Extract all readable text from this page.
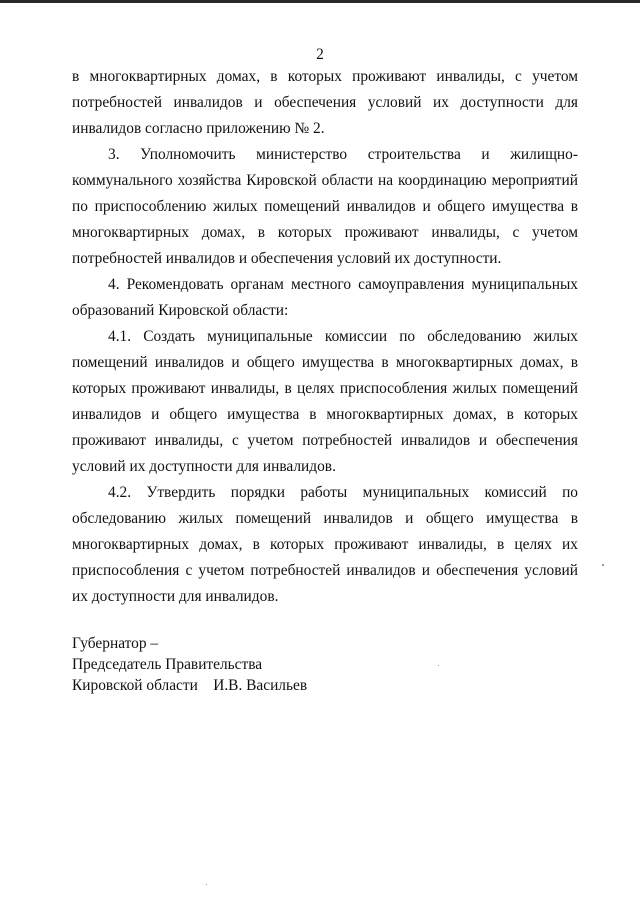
2

в многоквартирных домах, в которых проживают инвалиды, с учетом потребностей инвалидов и обеспечения условий их доступности для инвалидов согласно приложению № 2.

3. Уполномочить министерство строительства и жилищно-коммунального хозяйства Кировской области на координацию мероприятий по приспособлению жилых помещений инвалидов и общего имущества в многоквартирных домах, в которых проживают инвалиды, с учетом потребностей инвалидов и обеспечения условий их доступности.

4. Рекомендовать органам местного самоуправления муниципальных образований Кировской области:

4.1. Создать муниципальные комиссии по обследованию жилых помещений инвалидов и общего имущества в многоквартирных домах, в которых проживают инвалиды, в целях приспособления жилых помещений инвалидов и общего имущества в многоквартирных домах, в которых проживают инвалиды, с учетом потребностей инвалидов и обеспечения условий их доступности для инвалидов.

4.2. Утвердить порядки работы муниципальных комиссий по обследованию жилых помещений инвалидов и общего имущества в многоквартирных домах, в которых проживают инвалиды, в целях их приспособления с учетом потребностей инвалидов и обеспечения условий их доступности для инвалидов.

Губернатор –
Председатель Правительства
Кировской области    И.В. Васильев
